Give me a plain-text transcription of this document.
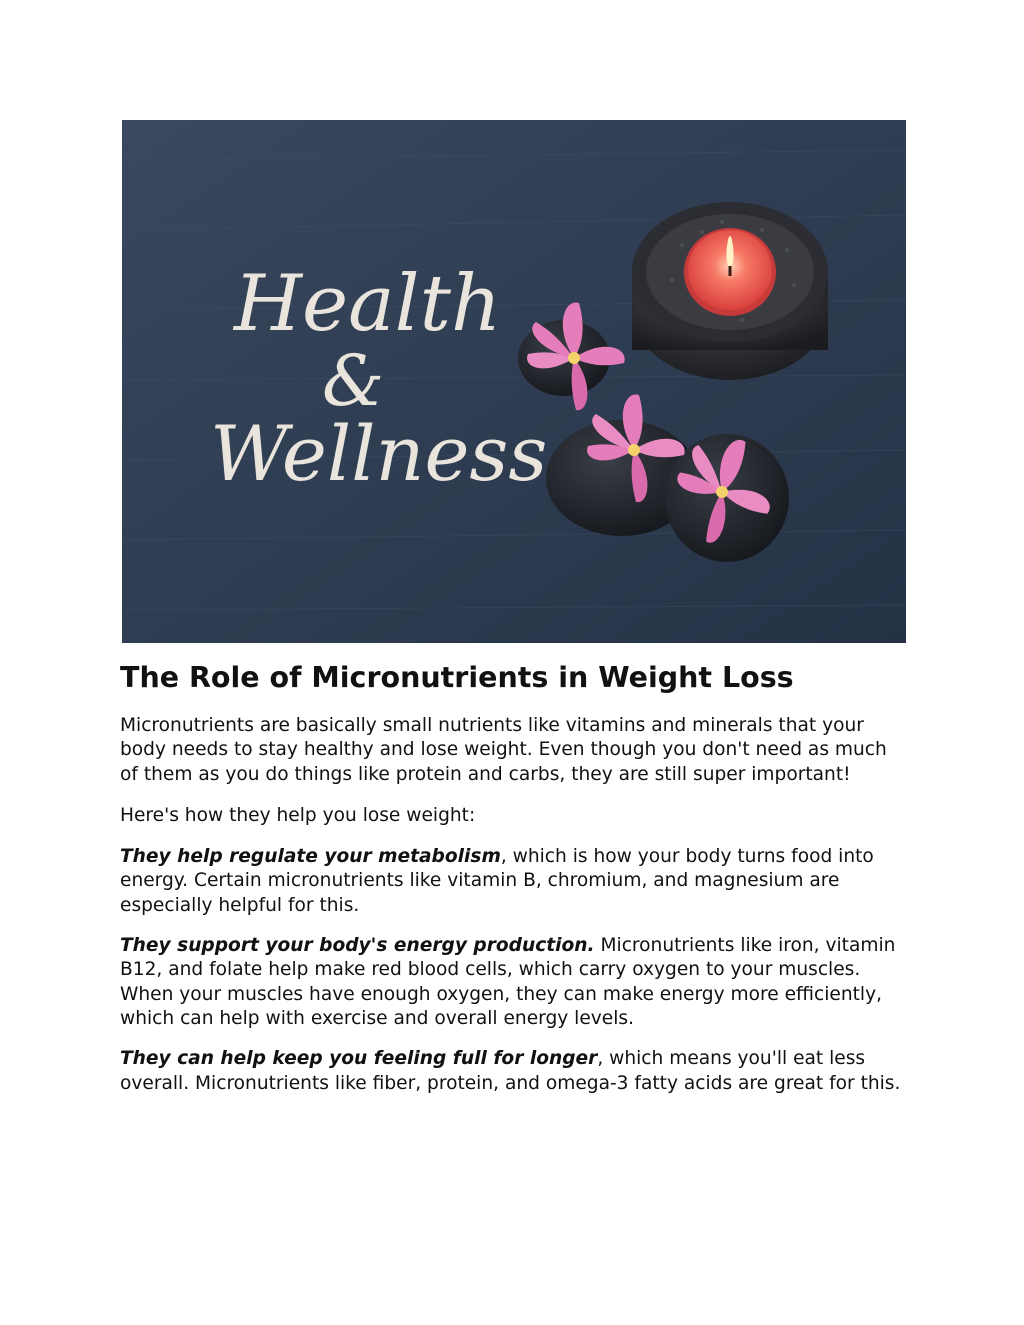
Health
&
Wellness
The Role of Micronutrients in Weight Loss

Micronutrients are basically small nutrients like vitamins and minerals that your body needs to stay healthy and lose weight. Even though you don't need as much of them as you do things like protein and carbs, they are still super important!

Here's how they help you lose weight:

They help regulate your metabolism, which is how your body turns food into energy. Certain micronutrients like vitamin B, chromium, and magnesium are especially helpful for this.

They support your body's energy production. Micronutrients like iron, vitamin B12, and folate help make red blood cells, which carry oxygen to your muscles. When your muscles have enough oxygen, they can make energy more efficiently, which can help with exercise and overall energy levels.

They can help keep you feeling full for longer, which means you'll eat less overall. Micronutrients like fiber, protein, and omega-3 fatty acids are great for this.
